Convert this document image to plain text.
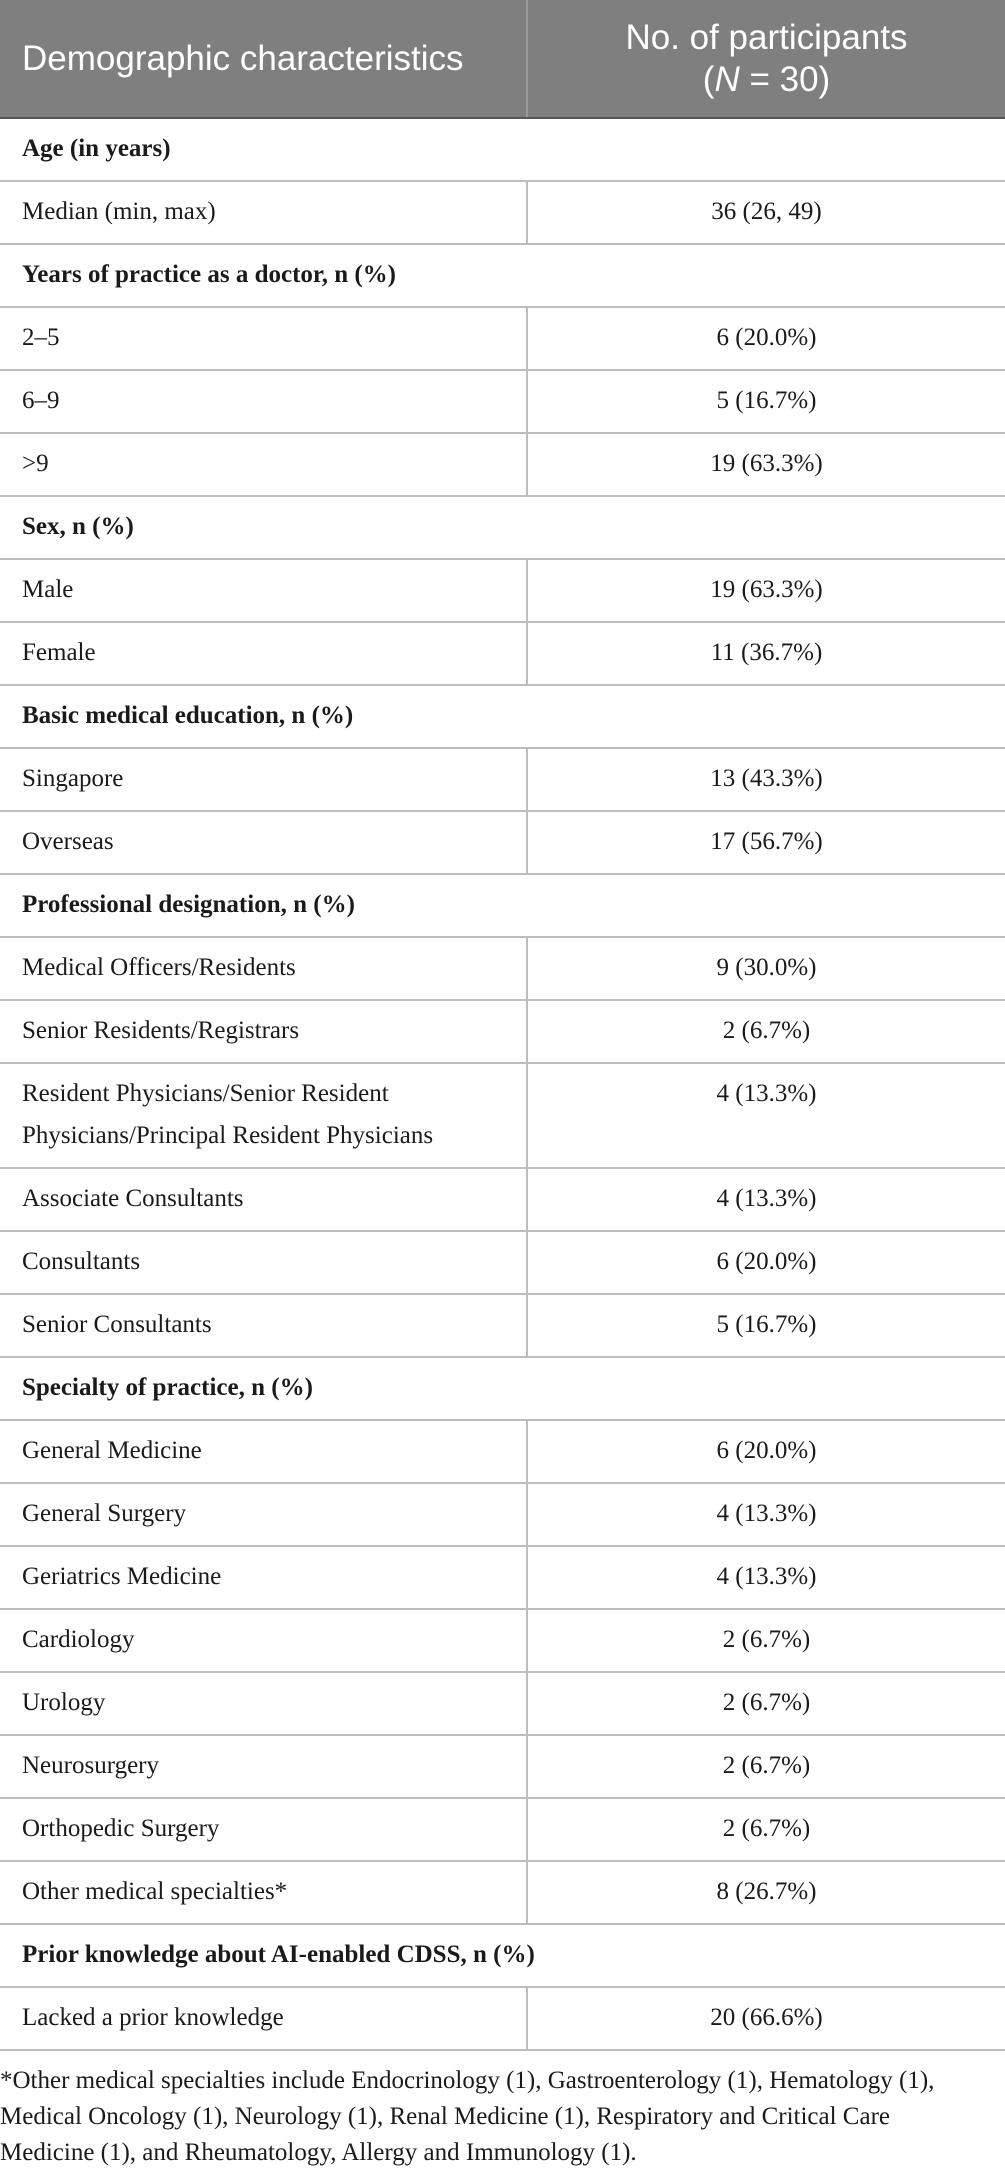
Demographic characteristics	No. of participants
(N = 30)
Age (in years)	
Median (min, max)	36 (26, 49)
Years of practice as a doctor, n (%)	
2–5	6 (20.0%)
6–9	5 (16.7%)
>9	19 (63.3%)
Sex, n (%)	
Male	19 (63.3%)
Female	11 (36.7%)
Basic medical education, n (%)	
Singapore	13 (43.3%)
Overseas	17 (56.7%)
Professional designation, n (%)	
Medical Officers/Residents	9 (30.0%)
Senior Residents/Registrars	2 (6.7%)
Resident Physicians/Senior Resident Physicians/Principal Resident Physicians	4 (13.3%)
Associate Consultants	4 (13.3%)
Consultants	6 (20.0%)
Senior Consultants	5 (16.7%)
Specialty of practice, n (%)	
General Medicine	6 (20.0%)
General Surgery	4 (13.3%)
Geriatrics Medicine	4 (13.3%)
Cardiology	2 (6.7%)
Urology	2 (6.7%)
Neurosurgery	2 (6.7%)
Orthopedic Surgery	2 (6.7%)
Other medical specialties*	8 (26.7%)
Prior knowledge about AI-enabled CDSS, n (%)	
Lacked a prior knowledge	20 (66.6%)

*Other medical specialties include Endocrinology (1), Gastroenterology (1), Hematology (1), Medical Oncology (1), Neurology (1), Renal Medicine (1), Respiratory and Critical Care Medicine (1), and Rheumatology, Allergy and Immunology (1).
